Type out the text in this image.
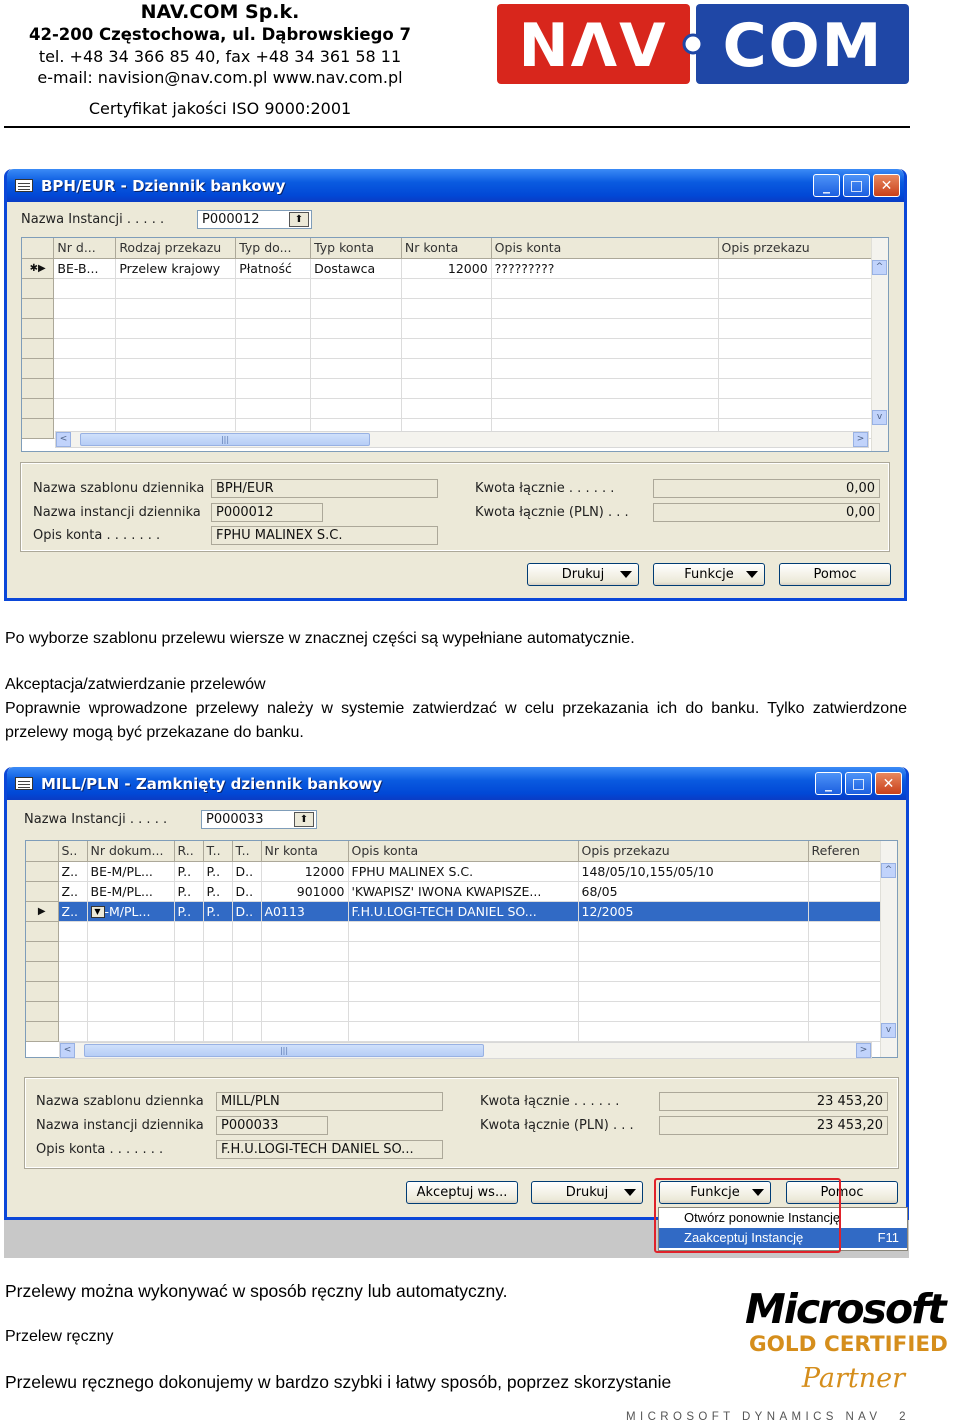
NAV.COM Sp.k.
42-200 Częstochowa, ul. Dąbrowskiego 7
tel. +48 34 366 85 40, fax +48 34 361 58 11
e-mail: navision@nav.com.pl www.nav.com.pl
Certyfikat jakości ISO 9000:2001
NΛV COM
BPH/EUR - Dziennik bankowy	_	□	✕
Nazwa Instancji . . . . .	P000012	⬆
	Nr d...	Rodzaj przekazu	Typ do...	Typ konta	Nr konta	Opis konta	Opis przekazu
✱▶	BE-B...	Przelew krajowy	Płatność	Dostawca	12000	?????????	

								^
v
<	|||	>
Nazwa szablonu dziennika BPH/EUR
Nazwa instancji dziennika	P000012
Opis konta . . . . . . .	FPHU MALINEX S.C.
Kwota łącznie . . . . . .	0,00
Kwota łącznie (PLN) . . .	0,00
Drukuj	Funkcje	Pomoc
Po wyborze szablonu przelewu wiersze w znacznej części są wypełniane automatycznie.
Akceptacja/zatwierdzanie przelewów
Poprawnie wprowadzone przelewy należy w systemie zatwierdzać w celu przekazania ich do banku. Tylko zatwierdzone przelewy mogą być przekazane do banku.
MILL/PLN - Zamknięty dziennik bankowy	_	□	✕
Nazwa Instancji . . . . .	P000033	⬆
	S..	Nr dokum...	R..	T..	T..	Nr konta	Opis konta	Opis przekazu	Referen
	Z..	BE-M/PL...	P..	P..	D..	12000	FPHU MALINEX S.C.	148/05/10,155/05/10	
	Z..	BE-M/PL...	P..	P..	D..	901000	'KWAPISZ' IWONA KWAPISZE...	68/05	
▶	Z..	▼ -M/PL...	P..	P..	D..	A0113	F.H.U.LOGI-TECH DANIEL SO...	12/2005	

^
v
<	|||	>
Nazwa szablonu dziennka	MILL/PLN
Nazwa instancji dziennika	P000033
Opis konta . . . . . . .	F.H.U.LOGI-TECH DANIEL SO...
Kwota łącznie . . . . . .	23 453,20
Kwota łącznie (PLN) . . .	23 453,20
Akceptuj ws...	Drukuj	Funkcje	Pomoc
Otwórz ponownie Instancję
Zaakceptuj Instancję	F11
Przelewy można wykonywać w sposób ręczny lub automatyczny.
Przelew ręczny
Przelewu ręcznego dokonujemy w bardzo szybki i łatwy sposób, poprzez skorzystanie
Microsoft
GOLD CERTIFIED
Partner
MICROSOFT DYNAMICS NAV 2
